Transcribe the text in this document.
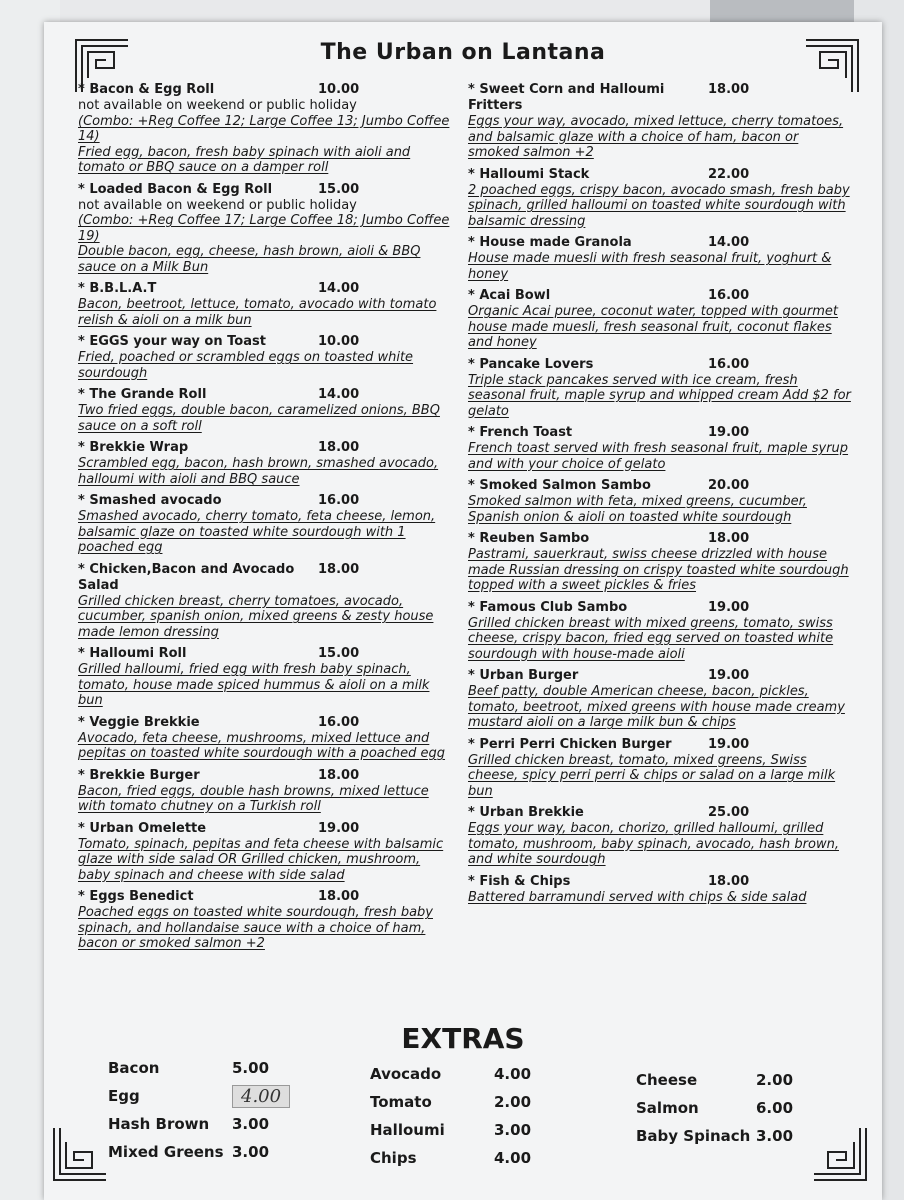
The Urban on Lantana
* Bacon & Egg Roll	10.00
not available on weekend or public holiday
(Combo: +Reg Coffee 12; Large Coffee 13; Jumbo Coffee 14)
Fried egg, bacon, fresh baby spinach with aioli and tomato or BBQ sauce on a damper roll
* Loaded Bacon & Egg Roll	15.00
not available on weekend or public holiday
(Combo: +Reg Coffee 17; Large Coffee 18; Jumbo Coffee 19)
Double bacon, egg, cheese, hash brown, aioli & BBQ sauce on a Milk Bun
* B.B.L.A.T	14.00
Bacon, beetroot, lettuce, tomato, avocado with tomato relish & aioli on a milk bun
* EGGS your way on Toast	10.00
Fried, poached or scrambled eggs on toasted white sourdough
* The Grande Roll	14.00
Two fried eggs, double bacon, caramelized onions, BBQ sauce on a soft roll
* Brekkie Wrap	18.00
Scrambled egg, bacon, hash brown, smashed avocado, halloumi with aioli and BBQ sauce
* Smashed avocado	16.00
Smashed avocado, cherry tomato, feta cheese, lemon, balsamic glaze on toasted white sourdough with 1 poached egg
* Chicken,Bacon and Avocado Salad
18.00
Grilled chicken breast, cherry tomatoes, avocado, cucumber, spanish onion, mixed greens & zesty house made lemon dressing
* Halloumi Roll	15.00
Grilled halloumi, fried egg with fresh baby spinach, tomato, house made spiced hummus & aioli on a milk bun
* Veggie Brekkie	16.00
Avocado, feta cheese, mushrooms, mixed lettuce and pepitas on toasted white sourdough with a poached egg
* Brekkie Burger	18.00
Bacon, fried eggs, double hash browns, mixed lettuce with tomato chutney on a Turkish roll
* Urban Omelette	19.00
Tomato, spinach, pepitas and feta cheese with balsamic glaze with side salad OR Grilled chicken, mushroom, baby spinach and cheese with side salad
* Eggs Benedict	18.00
Poached eggs on toasted white sourdough, fresh baby spinach, and hollandaise sauce with a choice of ham, bacon or smoked salmon +2
* Sweet Corn and Halloumi Fritters
18.00
Eggs your way, avocado, mixed lettuce, cherry tomatoes, and balsamic glaze with a choice of ham, bacon or smoked salmon +2
* Halloumi Stack	22.00
2 poached eggs, crispy bacon, avocado smash, fresh baby spinach, grilled halloumi on toasted white sourdough with balsamic dressing
* House made Granola	14.00
House made muesli with fresh seasonal fruit, yoghurt & honey
* Acai Bowl	16.00
Organic Acai puree, coconut water, topped with gourmet house made muesli, fresh seasonal fruit, coconut flakes and honey
* Pancake Lovers	16.00
Triple stack pancakes served with ice cream, fresh seasonal fruit, maple syrup and whipped cream Add $2 for gelato
* French Toast	19.00
French toast served with fresh seasonal fruit, maple syrup and with your choice of gelato
* Smoked Salmon Sambo	20.00
Smoked salmon with feta, mixed greens, cucumber, Spanish onion & aioli on toasted white sourdough
* Reuben Sambo	18.00
Pastrami, sauerkraut, swiss cheese drizzled with house made Russian dressing on crispy toasted white sourdough topped with a sweet pickles & fries
* Famous Club Sambo	19.00
Grilled chicken breast with mixed greens, tomato, swiss cheese, crispy bacon, fried egg served on toasted white sourdough with house-made aioli
* Urban Burger	19.00
Beef patty, double American cheese, bacon, pickles, tomato, beetroot, mixed greens with house made creamy mustard aioli on a large milk bun & chips
* Perri Perri Chicken Burger	19.00
Grilled chicken breast, tomato, mixed greens, Swiss cheese, spicy perri perri & chips or salad on a large milk bun
* Urban Brekkie	25.00
Eggs your way, bacon, chorizo, grilled halloumi, grilled tomato, mushroom, baby spinach, avocado, hash brown, and white sourdough
* Fish & Chips	18.00
Battered barramundi served with chips & side salad
EXTRAS
Bacon	5.00
Egg	4.00
Hash Brown	3.00
Mixed Greens 3.00
Avocado	4.00
Tomato	2.00
Halloumi	3.00
Chips	4.00
Cheese	2.00
Salmon	6.00
Baby Spinach 3.00
